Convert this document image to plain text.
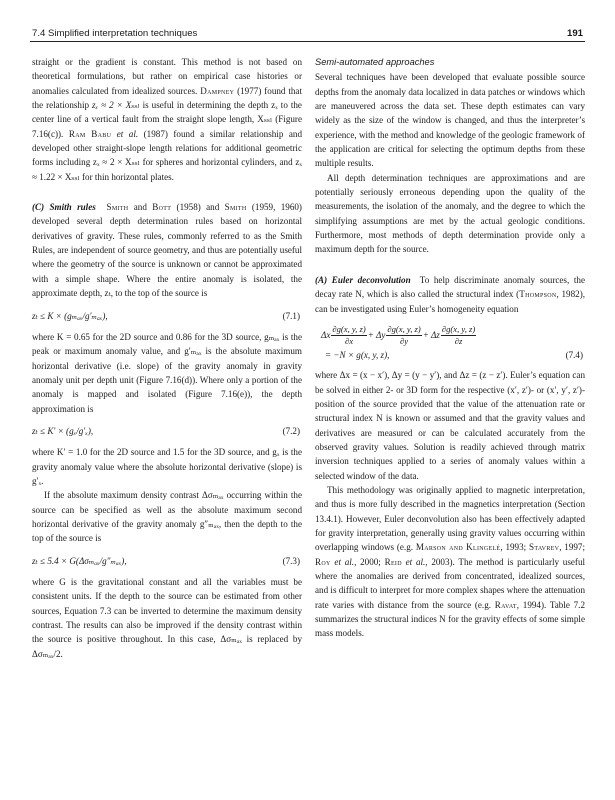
7.4 Simplified interpretation techniques	191

straight or the gradient is constant. This method is not based on theoretical formulations, but rather on empirical case histories or anomalies calculated from idealized sources. Dampney (1977) found that the relationship zₓ ≈ 2 × Xₛₛₗ is useful in determining the depth zₓ to the center line of a vertical fault from the straight slope length, Xₛₛₗ (Figure 7.16(c)). Ram Babu et al. (1987) found a similar relationship and developed other straight-slope length relations for additional geometric forms including zₓ ≈ 2 × Xₛₛₗ for spheres and horizontal cylinders, and zₓ ≈ 1.22 × Xₛₛₗ for thin horizontal plates.

(C) Smith rules Smith and Bott (1958) and Smith (1959, 1960) developed several depth determination rules based on horizontal derivatives of gravity. These rules, commonly referred to as the Smith Rules, are independent of source geometry, and thus are potentially useful where the geometry of the source is unknown or cannot be approximated with a simple shape. Where the entire anomaly is isolated, the approximate depth, zₜ, to the top of the source is

zₜ ≤ K × (gₘₐₓ/g′ₘₐₓ),	(7.1)

where K = 0.65 for the 2D source and 0.86 for the 3D source, gₘₐₓ is the peak or maximum anomaly value, and g′ₘₐₓ is the absolute maximum horizontal derivative (i.e. slope) of the gravity anomaly in gravity anomaly unit per depth unit (Figure 7.16(d)). Where only a portion of the anomaly is mapped and isolated (Figure 7.16(e)), the depth approximation is

zₜ ≤ K′ × (gₓ/g′ₓ),	(7.2)

where K′ = 1.0 for the 2D source and 1.5 for the 3D source, and gₓ is the gravity anomaly value where the absolute horizontal derivative (slope) is g′ₓ.

If the absolute maximum density contrast Δσₘₐₓ occurring within the source can be specified as well as the absolute maximum second horizontal derivative of the gravity anomaly g″ₘₐₓ, then the depth to the top of the source is

zₜ ≤ 5.4 × G(Δσₘₐₓ/g″ₘₐₓ),	(7.3)

where G is the gravitational constant and all the variables must be consistent units. If the depth to the source can be estimated from other sources, Equation 7.3 can be inverted to determine the maximum density contrast. The results can also be improved if the density contrast within the source is positive throughout. In this case, Δσₘₐₓ is replaced by Δσₘₐₓ/2.

Semi-automated approaches

Several techniques have been developed that evaluate possible source depths from the anomaly data localized in data patches or windows which are maneuvered across the data set. These depth estimates can vary widely as the size of the window is changed, and thus the interpreter’s experience, with the method and knowledge of the geologic framework of the application are critical for selecting the optimum depths from these multiple results.

All depth determination techniques are approximations and are potentially seriously erroneous depending upon the quality of the measurements, the isolation of the anomaly, and the degree to which the simplifying assumptions are met by the actual geologic conditions. Furthermore, most methods of depth determination provide only a maximum depth for the source.

(A) Euler deconvolution To help discriminate anomaly sources, the decay rate N, which is also called the structural index (Thompson, 1982), can be investigated using Euler’s homogeneity equation

Δx $\frac{\partial g(x, y, z)}{\partial x} + \Delta y \frac{\partial g(x, y, z)}{\partial y} + \Delta z \frac{\partial g(x, y, z)}{\partial z}$
= −N × g(x, y, z),	(7.4)

where Δx = (x − x′), Δy = (y − y′), and Δz = (z − z′). Euler’s equation can be solved in either 2- or 3D form for the respective (x′, z′)- or (x′, y′, z′)-position of the source provided that the value of the attenuation rate or structural index N is known or assumed and that the gravity values and derivatives are measured or can be calculated accurately from the observed gravity values. Solution is readily achieved through matrix inversion techniques applied to a series of anomaly values within a selected window of the data.

This methodology was originally applied to magnetic interpretation, and thus is more fully described in the magnetics interpretation (Section 13.4.1). However, Euler deconvolution also has been effectively adapted for gravity interpretation, generally using gravity values occurring within overlapping windows (e.g. Marson and Klingelé, 1993; Stavrev, 1997; Roy et al., 2000; Reid et al., 2003). The method is particularly useful where the anomalies are derived from concentrated, idealized sources, and is difficult to interpret for more complex shapes where the attenuation rate varies with distance from the source (e.g. Ravat, 1994). Table 7.2 summarizes the structural indices N for the gravity effects of some simple mass models.
